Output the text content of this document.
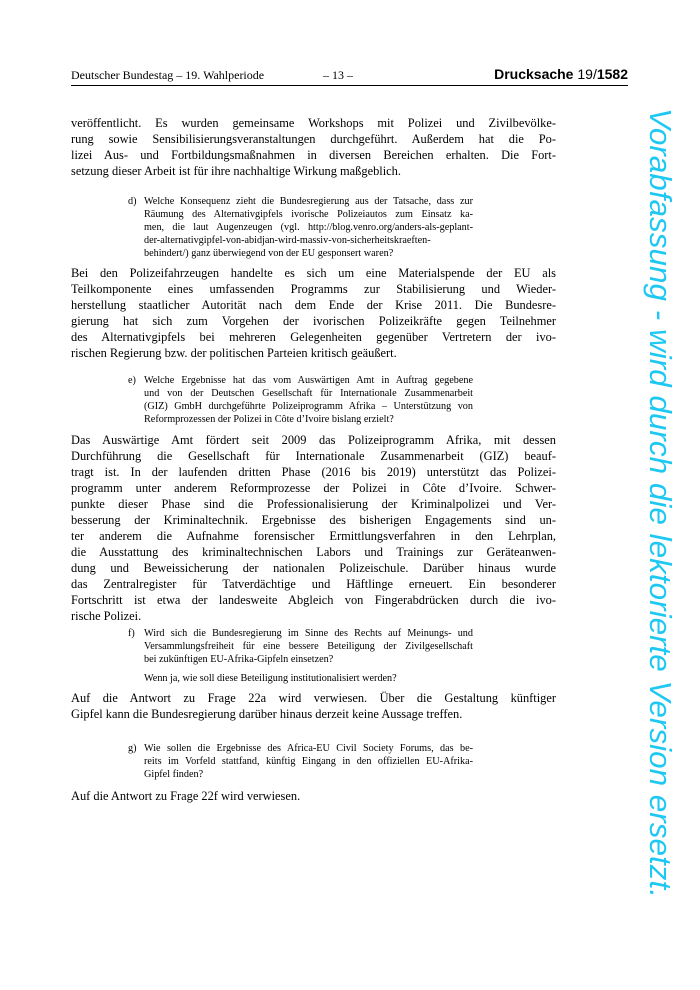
Deutscher Bundestag – 19. Wahlperiode	– 13 –	Drucksache 19/1582
veröffentlicht. Es wurden gemeinsame Workshops mit Polizei und Zivilbevölke-
rung sowie Sensibilisierungsveranstaltungen durchgeführt. Außerdem hat die Po-
lizei Aus- und Fortbildungsmaßnahmen in diversen Bereichen erhalten. Die Fort-
setzung dieser Arbeit ist für ihre nachhaltige Wirkung maßgeblich.
d) Welche Konsequenz zieht die Bundesregierung aus der Tatsache, dass zur
Räumung des Alternativgipfels ivorische Polizeiautos zum Einsatz ka-
men, die laut Augenzeugen (vgl. http://blog.venro.org/anders-als-geplant-
der-alternativgipfel-von-abidjan-wird-massiv-von-sicherheitskraeften-
behindert/) ganz überwiegend von der EU gesponsert waren?
Bei den Polizeifahrzeugen handelte es sich um eine Materialspende der EU als
Teilkomponente eines umfassenden Programms zur Stabilisierung und Wieder-
herstellung staatlicher Autorität nach dem Ende der Krise 2011. Die Bundesre-
gierung hat sich zum Vorgehen der ivorischen Polizeikräfte gegen Teilnehmer
des Alternativgipfels bei mehreren Gelegenheiten gegenüber Vertretern der ivo-
rischen Regierung bzw. der politischen Parteien kritisch geäußert.
e) Welche Ergebnisse hat das vom Auswärtigen Amt in Auftrag gegebene
und von der Deutschen Gesellschaft für Internationale Zusammenarbeit
(GIZ) GmbH durchgeführte Polizeiprogramm Afrika – Unterstützung von
Reformprozessen der Polizei in Côte d’Ivoire bislang erzielt?
Das Auswärtige Amt fördert seit 2009 das Polizeiprogramm Afrika, mit dessen
Durchführung die Gesellschaft für Internationale Zusammenarbeit (GIZ) beauf-
tragt ist. In der laufenden dritten Phase (2016 bis 2019) unterstützt das Polizei-
programm unter anderem Reformprozesse der Polizei in Côte d’Ivoire. Schwer-
punkte dieser Phase sind die Professionalisierung der Kriminalpolizei und Ver-
besserung der Kriminaltechnik. Ergebnisse des bisherigen Engagements sind un-
ter anderem die Aufnahme forensischer Ermittlungsverfahren in den Lehrplan,
die Ausstattung des kriminaltechnischen Labors und Trainings zur Geräteanwen-
dung und Beweissicherung der nationalen Polizeischule. Darüber hinaus wurde
das Zentralregister für Tatverdächtige und Häftlinge erneuert. Ein besonderer
Fortschritt ist etwa der landesweite Abgleich von Fingerabdrücken durch die ivo-
rische Polizei.
f) Wird sich die Bundesregierung im Sinne des Rechts auf Meinungs- und
Versammlungsfreiheit für eine bessere Beteiligung der Zivilgesellschaft
bei zukünftigen EU-Afrika-Gipfeln einsetzen?
Wenn ja, wie soll diese Beteiligung institutionalisiert werden?
Auf die Antwort zu Frage 22a wird verwiesen. Über die Gestaltung künftiger
Gipfel kann die Bundesregierung darüber hinaus derzeit keine Aussage treffen.
g) Wie sollen die Ergebnisse des Africa-EU Civil Society Forums, das be-
reits im Vorfeld stattfand, künftig Eingang in den offiziellen EU-Afrika-
Gipfel finden?
Auf die Antwort zu Frage 22f wird verwiesen.	Vorabfassung - wird durch die lektorierte Version ersetzt.
